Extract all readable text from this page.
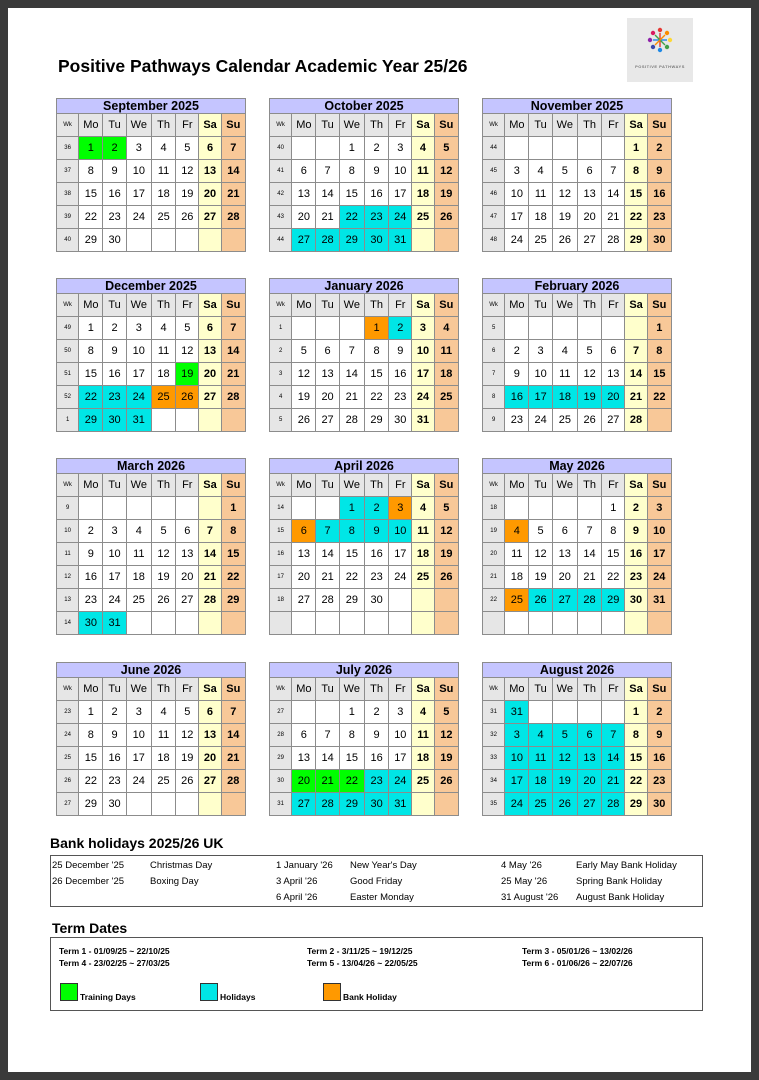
Positive Pathways Calendar Academic Year 25/26	POSITIVE PATHWAYS
September 2025							
Wk	Mo	Tu	We	Th	Fr	Sa	Su
36	1	2	3	4	5	6	7
37	8	9	10	11	12	13	14
38	15	16	17	18	19	20	21
39	22	23	24	25	26	27	28
40	29	30					
October 2025							
Wk	Mo	Tu	We	Th	Fr	Sa	Su
40			1	2	3	4	5
41	6	7	8	9	10	11	12
42	13	14	15	16	17	18	19
43	20	21	22	23	24	25	26
44	27	28	29	30	31		
November 2025							
Wk	Mo	Tu	We	Th	Fr	Sa	Su
44						1	2
45	3	4	5	6	7	8	9
46	10	11	12	13	14	15	16
47	17	18	19	20	21	22	23
48	24	25	26	27	28	29	30
December 2025							
Wk	Mo	Tu	We	Th	Fr	Sa	Su
49	1	2	3	4	5	6	7
50	8	9	10	11	12	13	14
51	15	16	17	18	19	20	21
52	22	23	24	25	26	27	28
1	29	30	31				
January 2026							
Wk	Mo	Tu	We	Th	Fr	Sa	Su
1				1	2	3	4
2	5	6	7	8	9	10	11
3	12	13	14	15	16	17	18
4	19	20	21	22	23	24	25
5	26	27	28	29	30	31	
February 2026							
Wk	Mo	Tu	We	Th	Fr	Sa	Su
5							1
6	2	3	4	5	6	7	8
7	9	10	11	12	13	14	15
8	16	17	18	19	20	21	22
9	23	24	25	26	27	28	
March 2026							
Wk	Mo	Tu	We	Th	Fr	Sa	Su
9							1
10	2	3	4	5	6	7	8
11	9	10	11	12	13	14	15
12	16	17	18	19	20	21	22
13	23	24	25	26	27	28	29
14	30	31					
April 2026							
Wk	Mo	Tu	We	Th	Fr	Sa	Su
14			1	2	3	4	5
15	6	7	8	9	10	11	12
16	13	14	15	16	17	18	19
17	20	21	22	23	24	25	26
18	27	28	29	30			

May 2026							
Wk	Mo	Tu	We	Th	Fr	Sa	Su
18					1	2	3
19	4	5	6	7	8	9	10
20	11	12	13	14	15	16	17
21	18	19	20	21	22	23	24
22	25	26	27	28	29	30	31

June 2026							
Wk	Mo	Tu	We	Th	Fr	Sa	Su
23	1	2	3	4	5	6	7
24	8	9	10	11	12	13	14
25	15	16	17	18	19	20	21
26	22	23	24	25	26	27	28
27	29	30					
July 2026							
Wk	Mo	Tu	We	Th	Fr	Sa	Su
27			1	2	3	4	5
28	6	7	8	9	10	11	12
29	13	14	15	16	17	18	19
30	20	21	22	23	24	25	26
31	27	28	29	30	31		
August 2026							
Wk	Mo	Tu	We	Th	Fr	Sa	Su
31	31					1	2
32	3	4	5	6	7	8	9
33	10	11	12	13	14	15	16
34	17	18	19	20	21	22	23
35	24	25	26	27	28	29	30
Bank holidays 2025/26 UK
25 December '25	Christmas Day
26 December '25	Boxing Day
1 January '26 New Year's Day
3 April '26	Good Friday
6 April '26	Easter Monday
4 May '26	Early May Bank Holiday
25 May '26	Spring Bank Holiday
31 August '26 August Bank Holiday
Term Dates
Term 1 - 01/09/25 ~ 22/10/25
Term 4 - 23/02/25 ~ 27/03/25
Term 2 - 3/11/25 ~ 19/12/25
Term 5 - 13/04/26 ~ 22/05/25
Term 3 - 05/01/26 ~ 13/02/26
Term 6 - 01/06/26 ~ 22/07/26
Training Days	Holidays	Bank Holiday
